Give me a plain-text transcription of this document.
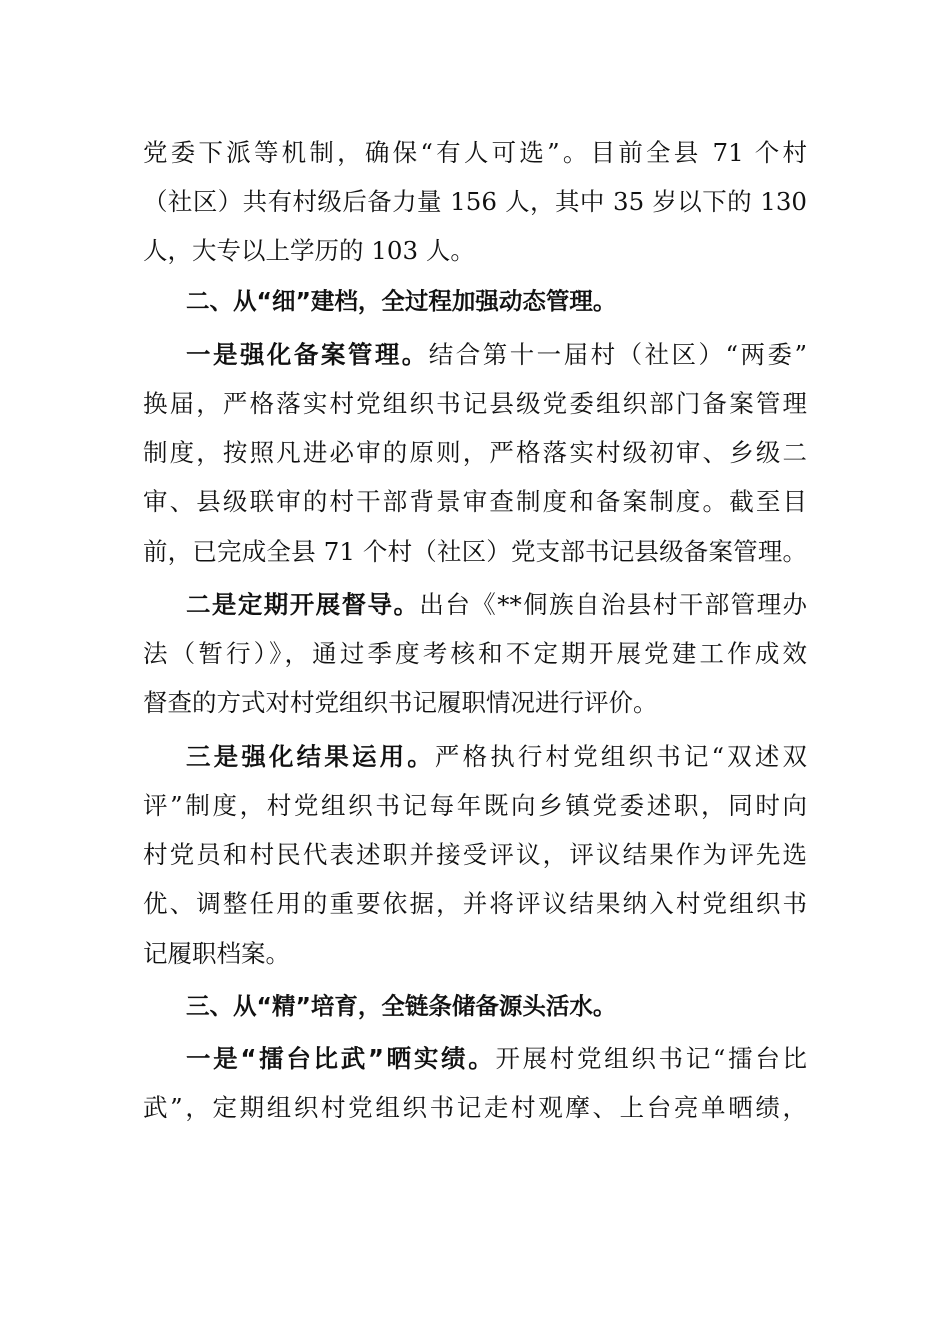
党委下派等机制，确保“有人可选”。目前全县 71 个村
（社区）共有村级后备力量 156 人，其中 35 岁以下的 130
人，大专以上学历的 103 人。
二、从“细”建档，全过程加强动态管理。
一是强化备案管理。结合第十一届村（社区）“两委”
换届，严格落实村党组织书记县级党委组织部门备案管理
制度，按照凡进必审的原则，严格落实村级初审、乡级二
审、县级联审的村干部背景审查制度和备案制度。截至目
前，已完成全县 71 个村（社区）党支部书记县级备案管理。
二是定期开展督导。出台《**侗族自治县村干部管理办
法（暂行）》，通过季度考核和不定期开展党建工作成效
督查的方式对村党组织书记履职情况进行评价。
三是强化结果运用。严格执行村党组织书记“双述双
评”制度，村党组织书记每年既向乡镇党委述职，同时向
村党员和村民代表述职并接受评议，评议结果作为评先选
优、调整任用的重要依据，并将评议结果纳入村党组织书
记履职档案。
三、从“精”培育，全链条储备源头活水。
一是“擂台比武”晒实绩。开展村党组织书记“擂台比
武”，定期组织村党组织书记走村观摩、上台亮单晒绩，
